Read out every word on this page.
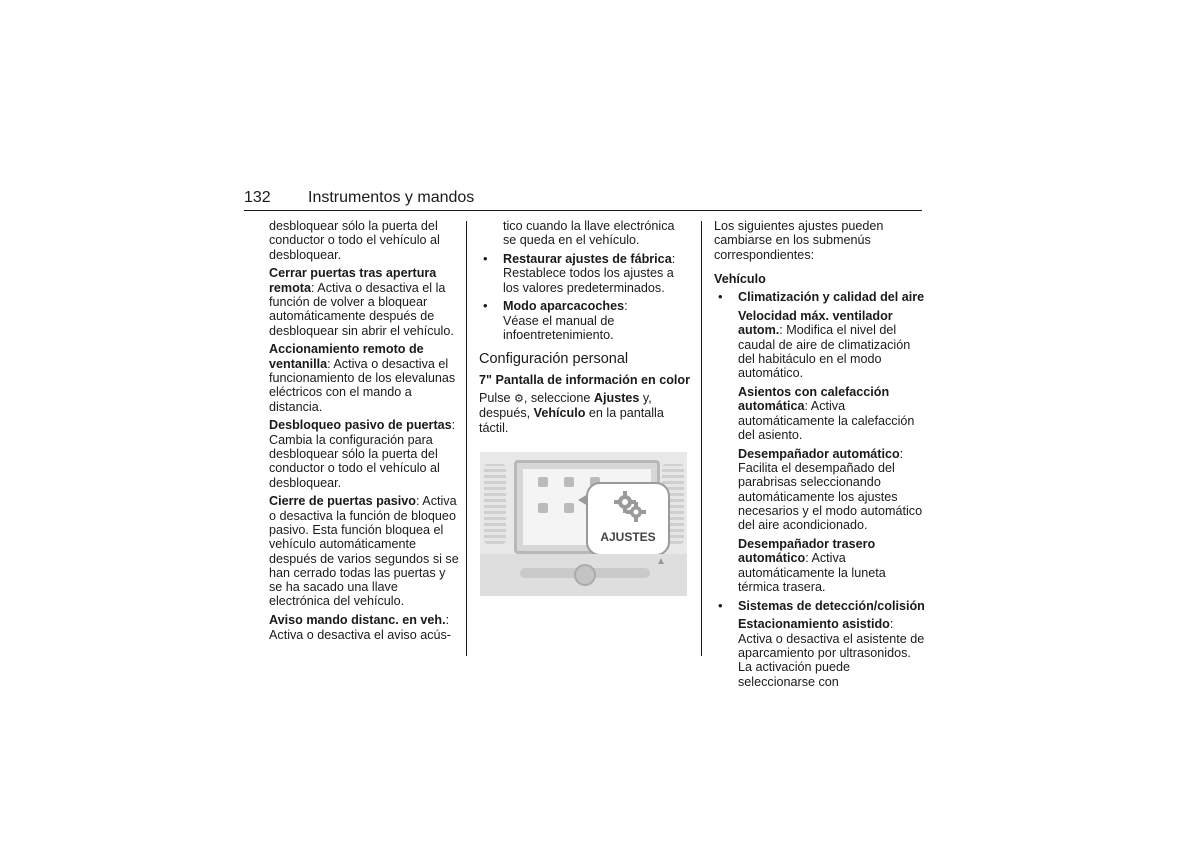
132 Instrumentos y mandos

desbloquear sólo la puerta del conductor o todo el vehículo al desbloquear.

Cerrar puertas tras apertura remota: Activa o desactiva el la función de volver a bloquear automáticamente después de desbloquear sin abrir el vehículo.

Accionamiento remoto de ventanilla: Activa o desactiva el funcionamiento de los elevalunas eléctricos con el mando a distancia.

Desbloqueo pasivo de puertas: Cambia la configuración para desbloquear sólo la puerta del conductor o todo el vehículo al desbloquear.

Cierre de puertas pasivo: Activa o desactiva la función de bloqueo pasivo. Esta función bloquea el vehículo automáticamente después de varios segundos si se han cerrado todas las puertas y se ha sacado una llave electrónica del vehículo.

Aviso mando distanc. en veh.: Activa o desactiva el aviso acús-

tico cuando la llave electrónica se queda en el vehículo.

• Restaurar ajustes de fábrica:
Restablece todos los ajustes a los valores predeterminados.
• Modo aparcacoches:
Véase el manual de infoentretenimiento.
Configuración personal
7" Pantalla de información en color

Pulse ⚙, seleccione Ajustes y, después, Vehículo en la pantalla táctil.

AJUSTES
▲

Los siguientes ajustes pueden cambiarse en los submenús correspondientes:

Vehículo
• Climatización y calidad del aire

Velocidad máx. ventilador autom.: Modifica el nivel del caudal de aire de climatización del habitáculo en el modo automático.

Asientos con calefacción automática: Activa automáticamente la calefacción del asiento.

Desempañador automático: Facilita el desempañado del parabrisas seleccionando automáticamente los ajustes necesarios y el modo automático del aire acondicionado.

Desempañador trasero automático: Activa automáticamente la luneta térmica trasera.

• Sistemas de detección/colisión

Estacionamiento asistido: Activa o desactiva el asistente de aparcamiento por ultrasonidos. La activación puede seleccionarse con
